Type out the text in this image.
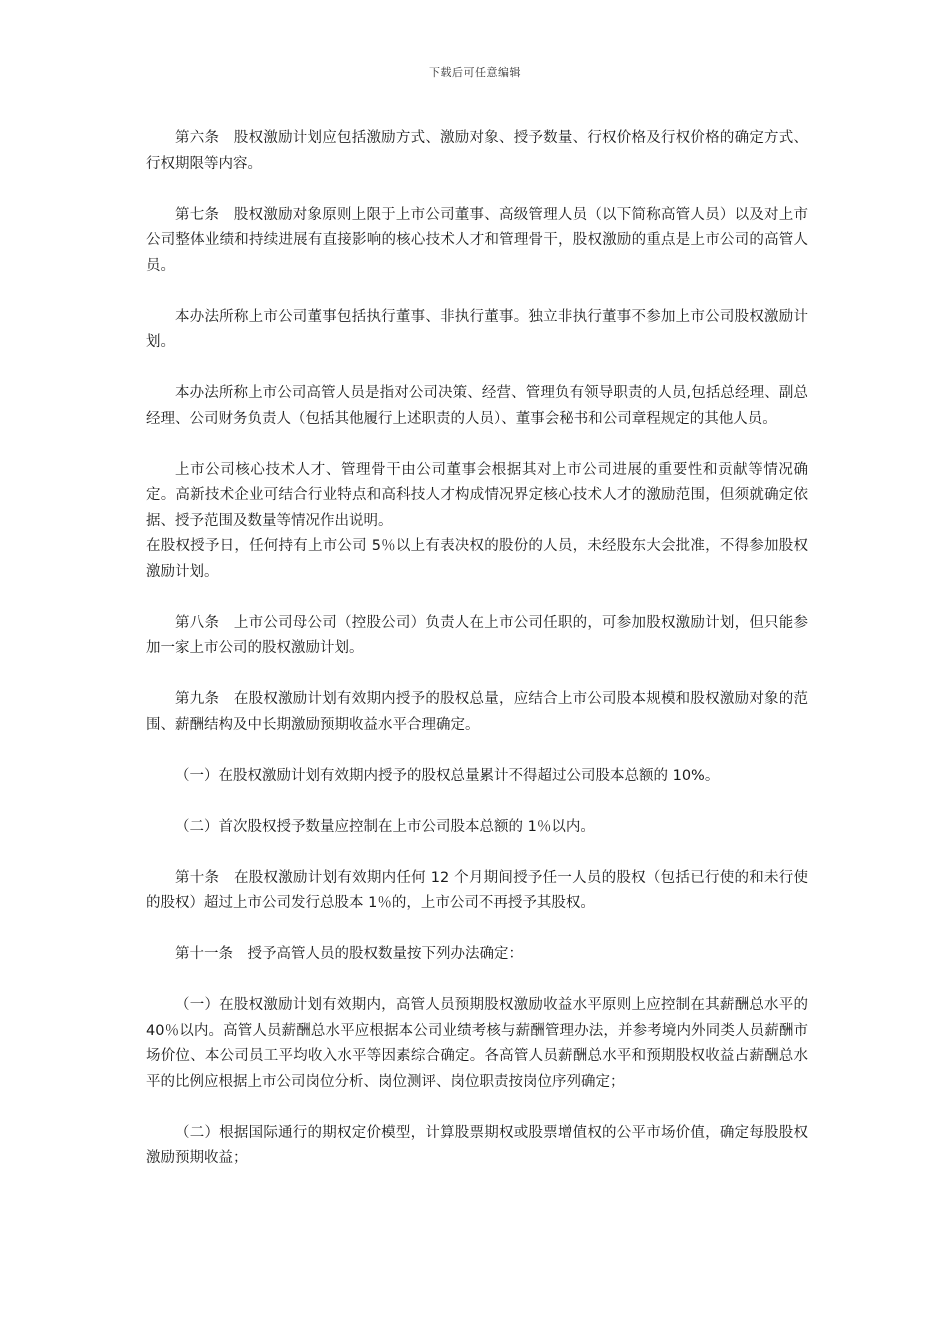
下载后可任意编辑

第六条　股权激励计划应包括激励方式、激励对象、授予数量、行权价格及行权价格的确定方式、行权期限等内容。

第七条　股权激励对象原则上限于上市公司董事、高级管理人员（以下简称高管人员）以及对上市公司整体业绩和持续进展有直接影响的核心技术人才和管理骨干，股权激励的重点是上市公司的高管人员。

本办法所称上市公司董事包括执行董事、非执行董事。独立非执行董事不参加上市公司股权激励计划。

本办法所称上市公司高管人员是指对公司决策、经营、管理负有领导职责的人员,包括总经理、副总经理、公司财务负责人（包括其他履行上述职责的人员）、董事会秘书和公司章程规定的其他人员。

上市公司核心技术人才、管理骨干由公司董事会根据其对上市公司进展的重要性和贡献等情况确定。高新技术企业可结合行业特点和高科技人才构成情况界定核心技术人才的激励范围，但须就确定依据、授予范围及数量等情况作出说明。

在股权授予日，任何持有上市公司 5％以上有表决权的股份的人员，未经股东大会批准，不得参加股权激励计划。

第八条　上市公司母公司（控股公司）负责人在上市公司任职的，可参加股权激励计划，但只能参加一家上市公司的股权激励计划。

第九条　在股权激励计划有效期内授予的股权总量，应结合上市公司股本规模和股权激励对象的范围、薪酬结构及中长期激励预期收益水平合理确定。

（一）在股权激励计划有效期内授予的股权总量累计不得超过公司股本总额的 10%。

（二）首次股权授予数量应控制在上市公司股本总额的 1％以内。

第十条　在股权激励计划有效期内任何 12 个月期间授予任一人员的股权（包括已行使的和未行使的股权）超过上市公司发行总股本 1％的，上市公司不再授予其股权。

第十一条　授予高管人员的股权数量按下列办法确定：

（一）在股权激励计划有效期内，高管人员预期股权激励收益水平原则上应控制在其薪酬总水平的 40％以内。高管人员薪酬总水平应根据本公司业绩考核与薪酬管理办法，并参考境内外同类人员薪酬市场价位、本公司员工平均收入水平等因素综合确定。各高管人员薪酬总水平和预期股权收益占薪酬总水平的比例应根据上市公司岗位分析、岗位测评、岗位职责按岗位序列确定；

（二）根据国际通行的期权定价模型，计算股票期权或股票增值权的公平市场价值，确定每股股权激励预期收益；
